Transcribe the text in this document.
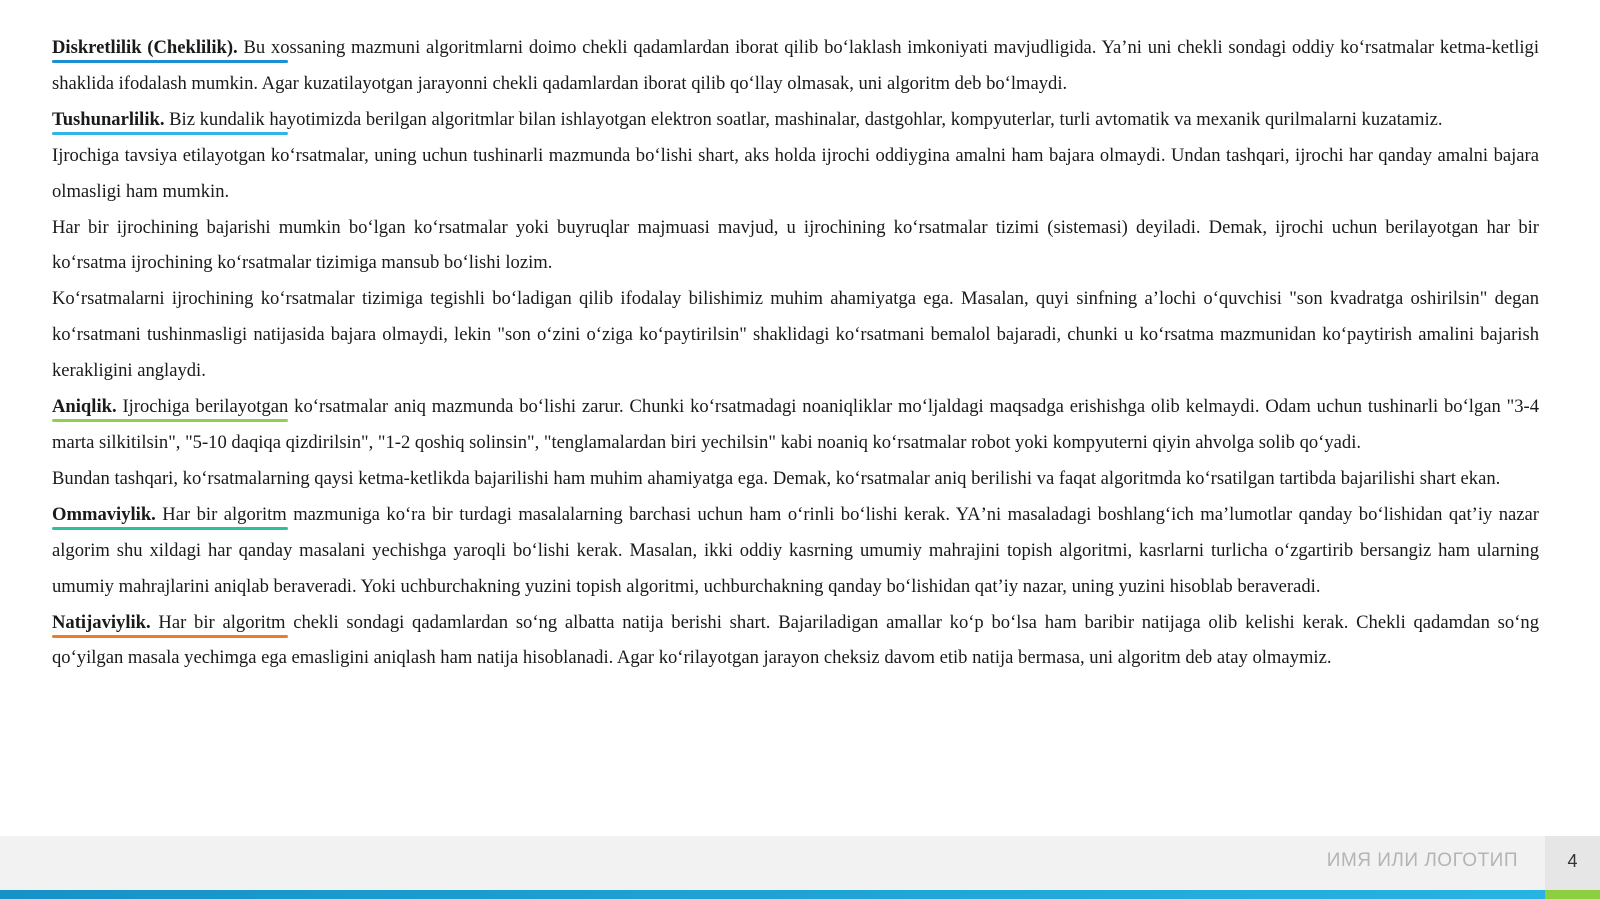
Diskretlilik (Cheklilik).
Bu xossaning mazmuni algoritmlarni doimo chekli qadamlardan iborat qilib boʻlaklash imkoniyati mavjudligida. Yaʼni uni chekli sondagi oddiy koʻrsatmalar ketma-ketligi shaklida ifodalash mumkin. Agar kuzatilayotgan jarayonni chekli qadamlardan iborat qilib qoʻllay olmasak, uni algoritm deb boʻlmaydi.

Tushunarlilik.
Biz kundalik hayotimizda berilgan algoritmlar bilan ishlayotgan elektron soatlar, mashinalar, dastgohlar, kompyuterlar, turli avtomatik va mexanik qurilmalarni kuzatamiz.

Ijrochiga tavsiya etilayotgan koʻrsatmalar, uning uchun tushinarli mazmunda boʻlishi shart, aks holda ijrochi oddiygina amalni ham bajara olmaydi. Undan tashqari, ijrochi har qanday amalni bajara olmasligi ham mumkin.

Har bir ijrochining bajarishi mumkin boʻlgan koʻrsatmalar yoki buyruqlar majmuasi mavjud, u ijrochining koʻrsatmalar tizimi (sistemasi) deyiladi. Demak, ijrochi uchun berilayotgan har bir koʻrsatma ijrochining koʻrsatmalar tizimiga mansub boʻlishi lozim.

Koʻrsatmalarni ijrochining koʻrsatmalar tizimiga tegishli boʻladigan qilib ifodalay bilishimiz muhim ahamiyatga ega. Masalan, quyi sinfning aʼlochi oʻquvchisi "son kvadratga oshirilsin" degan koʻrsatmani tushinmasligi natijasida bajara olmaydi, lekin "son oʻzini oʻziga koʻpaytirilsin" shaklidagi koʻrsatmani bemalol bajaradi, chunki u koʻrsatma mazmunidan koʻpaytirish amalini bajarish kerakligini anglaydi.

Aniqlik.
Ijrochiga berilayotgan koʻrsatmalar aniq mazmunda boʻlishi zarur. Chunki koʻrsatmadagi noaniqliklar moʻljaldagi maqsadga erishishga olib kelmaydi. Odam uchun tushinarli boʻlgan "3-4 marta silkitilsin", "5-10 daqiqa qizdirilsin", "1-2 qoshiq solinsin", "tenglamalardan biri yechilsin" kabi noaniq koʻrsatmalar robot yoki kompyuterni qiyin ahvolga solib qoʻyadi.

Bundan tashqari, koʻrsatmalarning qaysi ketma-ketlikda bajarilishi ham muhim ahamiyatga ega. Demak, koʻrsatmalar aniq berilishi va faqat algoritmda koʻrsatilgan tartibda bajarilishi shart ekan.

Ommaviylik.
Har bir algoritm mazmuniga koʻra bir turdagi masalalarning barchasi uchun ham oʻrinli boʻlishi kerak. YAʼni masaladagi boshlangʻich maʼlumotlar qanday boʻlishidan qatʼiy nazar algorim shu xildagi har qanday masalani yechishga yaroqli boʻlishi kerak. Masalan, ikki oddiy kasrning umumiy mahrajini topish algoritmi, kasrlarni turlicha oʻzgartirib bersangiz ham ularning umumiy mahrajlarini aniqlab beraveradi. Yoki uchburchakning yuzini topish algoritmi, uchburchakning qanday boʻlishidan qatʼiy nazar, uning yuzini hisoblab beraveradi.

Natijaviylik.
Har bir algoritm chekli sondagi qadamlardan soʻng albatta natija berishi shart. Bajariladigan amallar koʻp boʻlsa ham baribir natijaga olib kelishi kerak. Chekli qadamdan soʻng qoʻyilgan masala yechimga ega emasligini aniqlash ham natija hisoblanadi. Agar koʻrilayotgan jarayon cheksiz davom etib natija bermasa, uni algoritm deb atay olmaymiz.

ИМЯ ИЛИ ЛОГОТИП	4
